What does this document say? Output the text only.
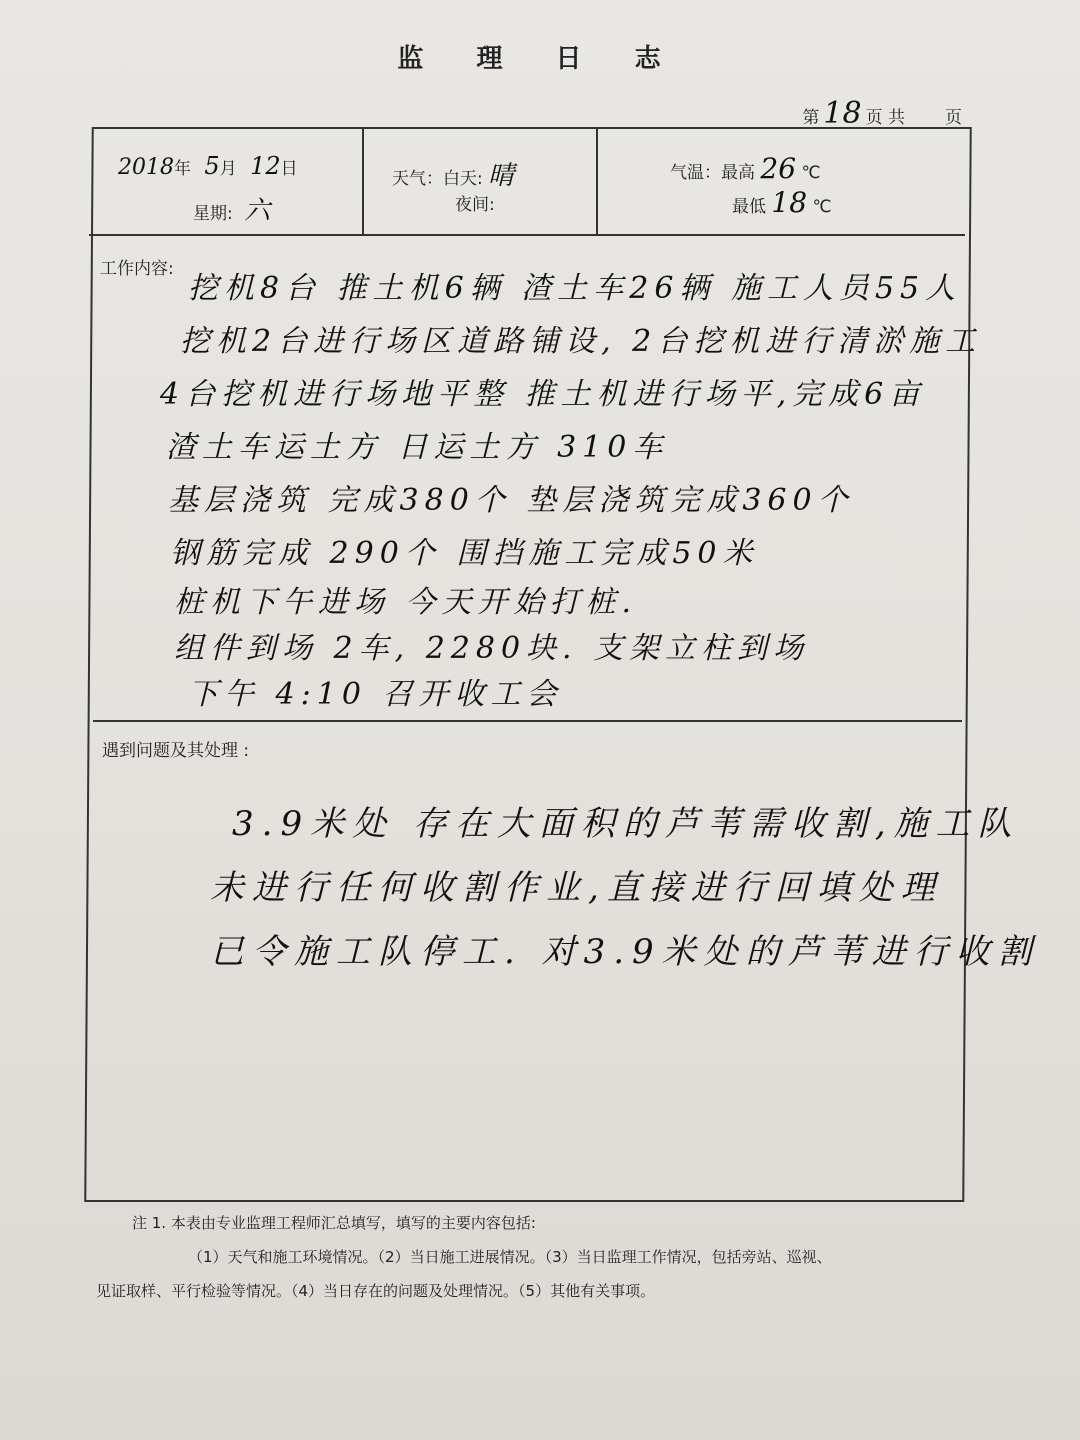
监 理 日 志
第 18 页 共 页
2018年 5月 12日
星期: 六
天气：白天: 晴
夜间:
气温：最高 26 ℃
最低 18 ℃
工作内容:
挖机8台 推土机6辆 渣土车26辆 施工人员55人
挖机2台进行场区道路铺设, 2台挖机进行清淤施工
4台挖机进行场地平整 推土机进行场平,完成6亩
渣土车运土方 日运土方 310车
基层浇筑 完成380个 垫层浇筑完成360个
钢筋完成 290个 围挡施工完成50米
桩机下午进场 今天开始打桩.
组件到场 2车, 2280块. 支架立柱到场
下午 4:10 召开收工会
遇到问题及其处理 :
3.9米处 存在大面积的芦苇需收割,施工队
未进行任何收割作业,直接进行回填处理
已令施工队停工. 对3.9米处的芦苇进行收割
注 1. 本表由专业监理工程师汇总填写，填写的主要内容包括:
（1）天气和施工环境情况。（2）当日施工进展情况。（3）当日监理工作情况，包括旁站、巡视、
见证取样、平行检验等情况。（4）当日存在的问题及处理情况。（5）其他有关事项。
